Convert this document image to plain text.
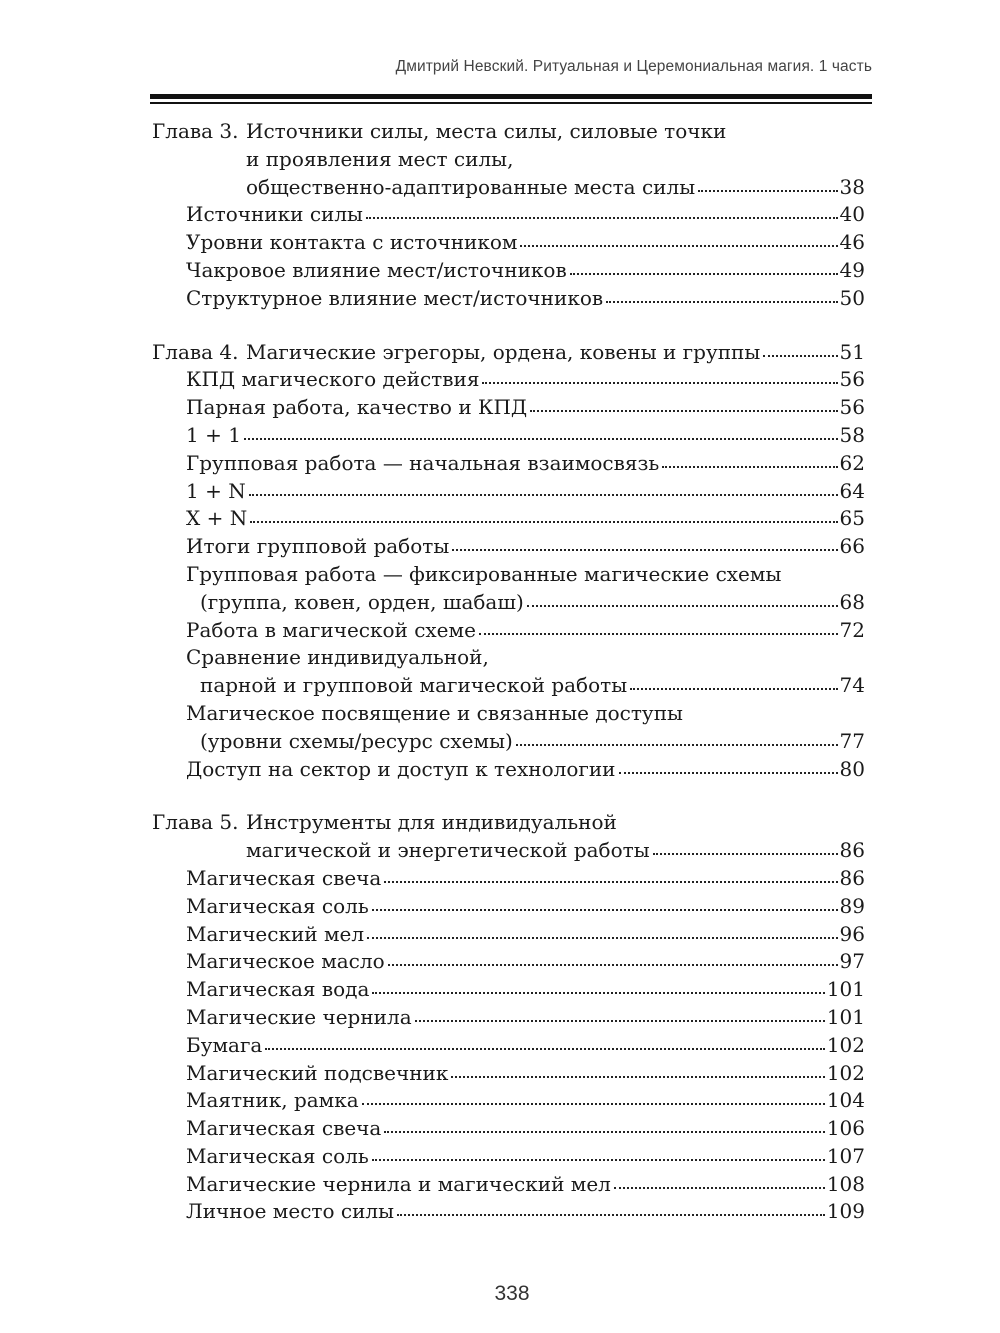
Дмитрий Невский. Ритуальная и Церемониальная магия. 1 часть
Глава 3. Источники силы, места силы, силовые точки
и проявления мест силы,
общественно-адаптированные места силы	38
Источники силы	40
Уровни контакта с источником	46
Чакровое влияние мест/источников	49
Структурное влияние мест/источников	50
Глава 4. Магические эгрегоры, ордена, ковены и группы	51
КПД магического действия	56
Парная работа, качество и КПД	56
1 + 1	58
Групповая работа — начальная взаимосвязь	62
1 + N	64
X + N	65
Итоги групповой работы	66
Групповая работа — фиксированные магические схемы
(группа, ковен, орден, шабаш)	68
Работа в магической схеме	72
Сравнение индивидуальной,
парной и групповой магической работы	74
Магическое посвящение и связанные доступы
(уровни схемы/ресурс схемы)	77
Доступ на сектор и доступ к технологии	80
Глава 5. Инструменты для индивидуальной
магической и энергетической работы	86
Магическая свеча	86
Магическая соль	89
Магический мел	96
Магическое масло	97
Магическая вода	101
Магические чернила	101
Бумага	102
Магический подсвечник	102
Маятник, рамка	104
Магическая свеча	106
Магическая соль	107
Магические чернила и магический мел	108
Личное место силы	109
338
